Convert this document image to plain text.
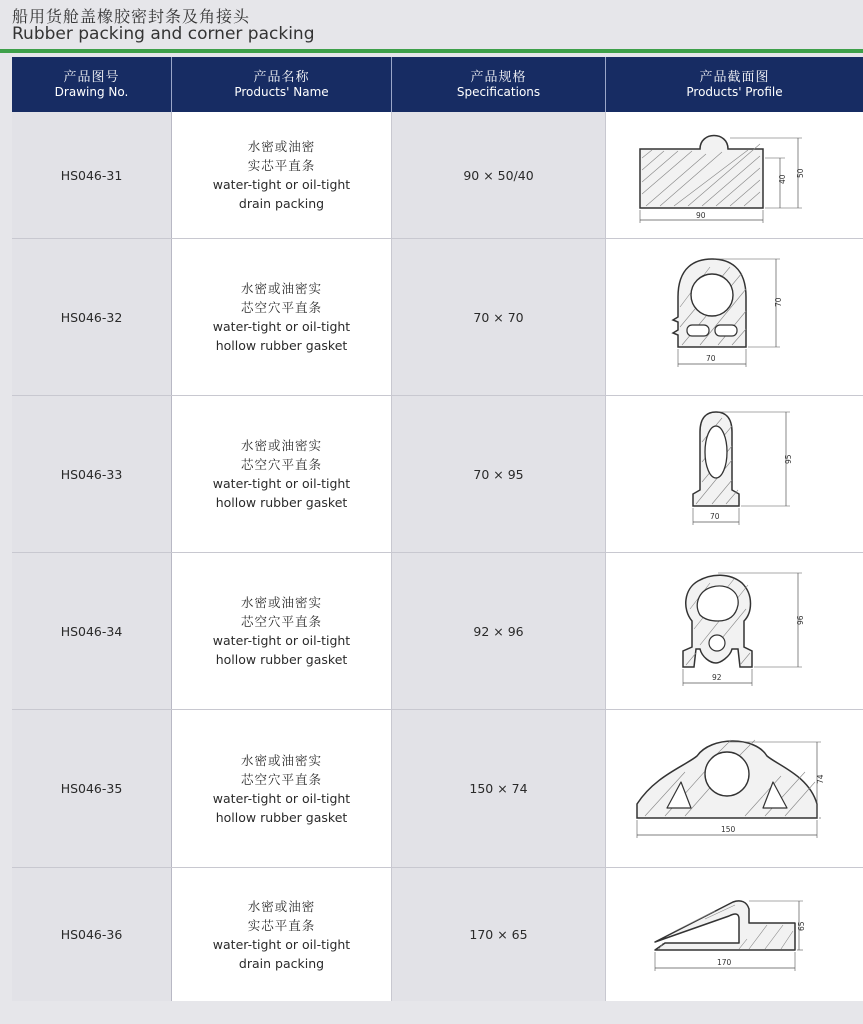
船用货舱盖橡胶密封条及角接头
Rubber packing and corner packing
产品图号
Drawing No.
产品名称
Products' Name
产品规格
Specifications
产品截面图
Products' Profile
HS046-31
水密或油密
实芯平直条
water-tight or oil-tight
drain packing
90 × 50/40	40
50
90
HS046-32
水密或油密实
芯空穴平直条
water-tight or oil-tight
hollow rubber gasket
70 × 70
70
70
HS046-33
水密或油密实
芯空穴平直条
water-tight or oil-tight
hollow rubber gasket
70 × 95
95
70
HS046-34
水密或油密实
芯空穴平直条
water-tight or oil-tight
hollow rubber gasket
92 × 96
96
92
HS046-35
水密或油密实
芯空穴平直条
water-tight or oil-tight
hollow rubber gasket
150 × 74
74
150
HS046-36
水密或油密
实芯平直条
water-tight or oil-tight
drain packing
170 × 65
65
170
